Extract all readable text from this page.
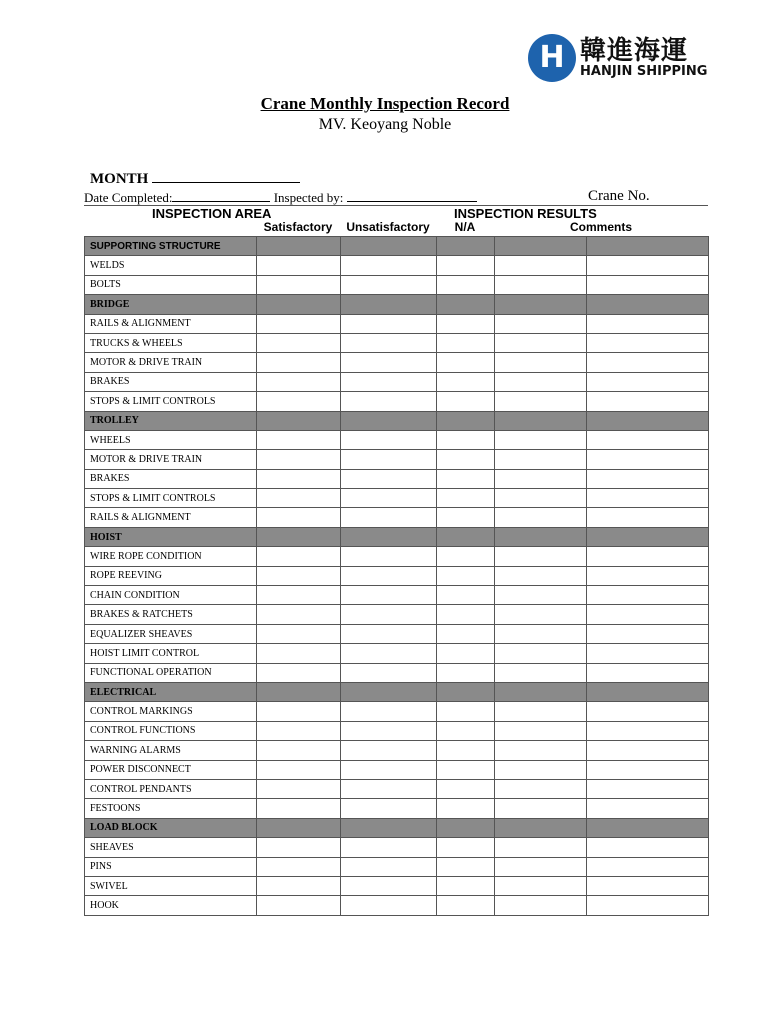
H 韓進海運
HANJIN SHIPPING
Crane Monthly Inspection Record
MV. Keoyang Noble
MONTH
Date Completed:	Inspected by:	Crane No.
INSPECTION AREA	INSPECTION RESULTS
Satisfactory	Unsatisfactory	N/A	Comments
SUPPORTING STRUCTURE					
WELDS					
BOLTS					
BRIDGE					
RAILS & ALIGNMENT					
TRUCKS & WHEELS					
MOTOR & DRIVE TRAIN					
BRAKES					
STOPS & LIMIT CONTROLS					
TROLLEY					
WHEELS					
MOTOR & DRIVE TRAIN					
BRAKES					
STOPS & LIMIT CONTROLS					
RAILS & ALIGNMENT					
HOIST					
WIRE ROPE CONDITION					
ROPE REEVING					
CHAIN CONDITION					
BRAKES & RATCHETS					
EQUALIZER SHEAVES					
HOIST LIMIT CONTROL					
FUNCTIONAL OPERATION					
ELECTRICAL					
CONTROL MARKINGS					
CONTROL FUNCTIONS					
WARNING ALARMS					
POWER DISCONNECT					
CONTROL PENDANTS					
FESTOONS					
LOAD BLOCK					
SHEAVES					
PINS					
SWIVEL					
HOOK					
